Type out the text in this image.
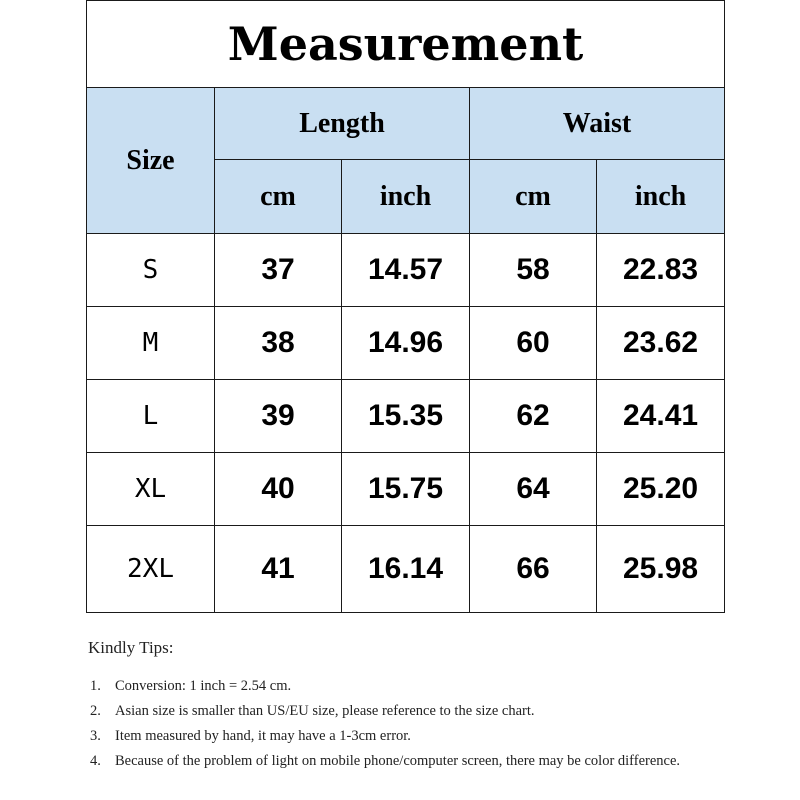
Measurement				
Size	Length		Waist	
	cm	inch	cm	inch
S	37	14.57	58	22.83
M	38	14.96	60	23.62
L	39	15.35	62	24.41
XL	40	15.75	64	25.20
2XL	41	16.14	66	25.98
Kindly Tips:
1. Conversion: 1 inch = 2.54 cm.
2. Asian size is smaller than US/EU size, please reference to the size chart.
3. Item measured by hand, it may have a 1-3cm error.
4. Because of the problem of light on mobile phone/computer screen, there may be color difference.
